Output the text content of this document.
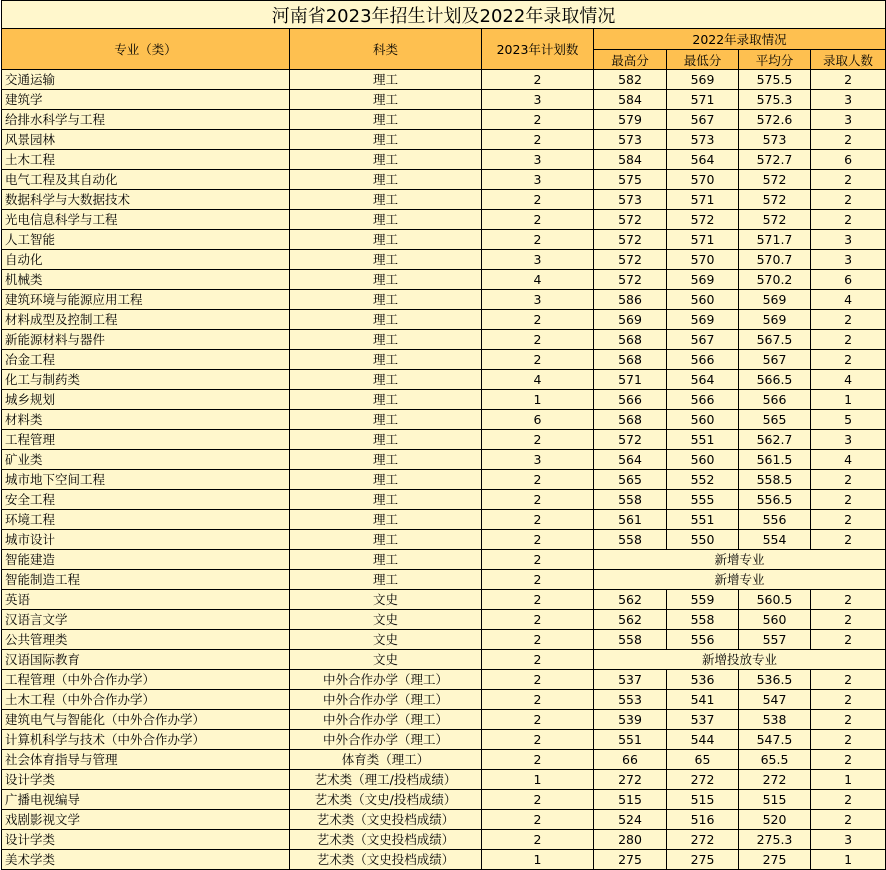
河南省2023年招生计划及2022年录取情况						
专业（类）	科类	2023年计划数	2022年录取情况			
			最高分	最低分	平均分	录取人数
交通运输	理工	2	582	569	575.5	2
建筑学	理工	3	584	571	575.3	3
给排水科学与工程	理工	2	579	567	572.6	3
风景园林	理工	2	573	573	573	2
土木工程	理工	3	584	564	572.7	6
电气工程及其自动化	理工	3	575	570	572	2
数据科学与大数据技术	理工	2	573	571	572	2
光电信息科学与工程	理工	2	572	572	572	2
人工智能	理工	2	572	571	571.7	3
自动化	理工	3	572	570	570.7	3
机械类	理工	4	572	569	570.2	6
建筑环境与能源应用工程	理工	3	586	560	569	4
材料成型及控制工程	理工	2	569	569	569	2
新能源材料与器件	理工	2	568	567	567.5	2
冶金工程	理工	2	568	566	567	2
化工与制药类	理工	4	571	564	566.5	4
城乡规划	理工	1	566	566	566	1
材料类	理工	6	568	560	565	5
工程管理	理工	2	572	551	562.7	3
矿业类	理工	3	564	560	561.5	4
城市地下空间工程	理工	2	565	552	558.5	2
安全工程	理工	2	558	555	556.5	2
环境工程	理工	2	561	551	556	2
城市设计	理工	2	558	550	554	2
智能建造	理工	2	新增专业			
智能制造工程	理工	2	新增专业			
英语	文史	2	562	559	560.5	2
汉语言文学	文史	2	562	558	560	2
公共管理类	文史	2	558	556	557	2
汉语国际教育	文史	2	新增投放专业			
工程管理（中外合作办学）	中外合作办学（理工）	2	537	536	536.5	2
土木工程（中外合作办学）	中外合作办学（理工）	2	553	541	547	2
建筑电气与智能化（中外合作办学）	中外合作办学（理工）	2	539	537	538	2
计算机科学与技术（中外合作办学）	中外合作办学（理工）	2	551	544	547.5	2
社会体育指导与管理	体育类（理工）	2	66	65	65.5	2
设计学类	艺术类（理工/投档成绩）	1	272	272	272	1
广播电视编导	艺术类（文史/投档成绩）	2	515	515	515	2
戏剧影视文学	艺术类（文史投档成绩）	2	524	516	520	2
设计学类	艺术类（文史投档成绩）	2	280	272	275.3	3
美术学类	艺术类（文史投档成绩）	1	275	275	275	1
